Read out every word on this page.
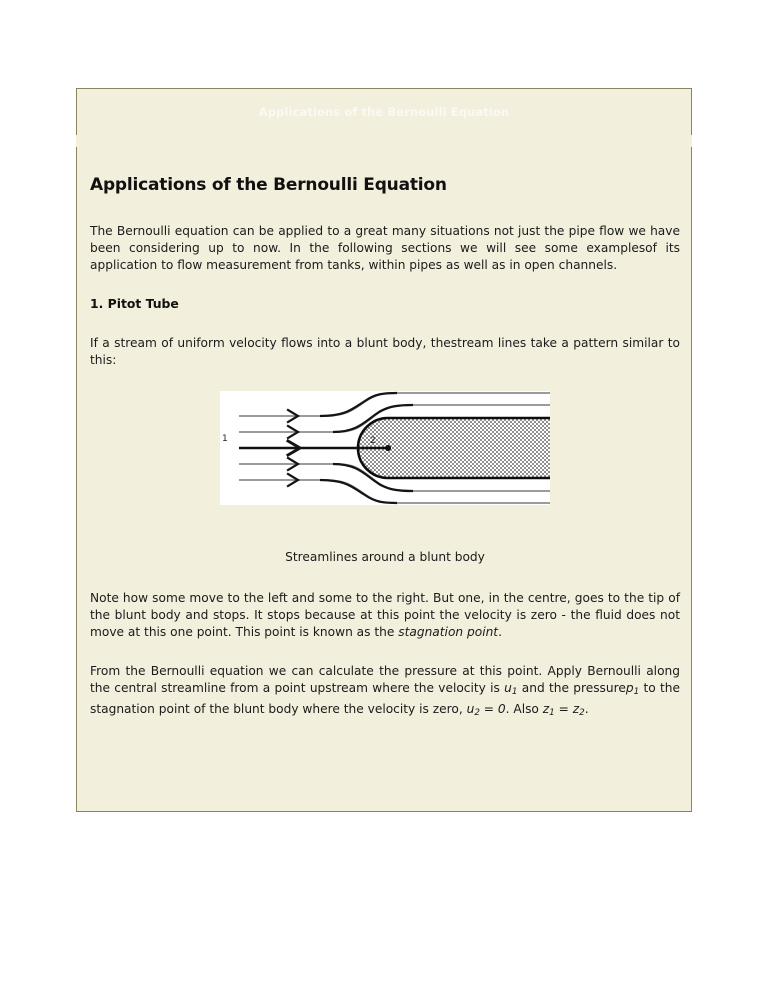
Applications of the Bernoulli Equation
Applications of the Bernoulli Equation

The Bernoulli equation can be applied to a great many situations not just the pipe flow we have been considering up to now. In the following sections we will see some examplesof its application to flow measurement from tanks, within pipes as well as in open channels.

1. Pitot Tube

If a stream of uniform velocity flows into a blunt body, thestream lines take a pattern similar to this:

1	2
Streamlines around a blunt body

Note how some move to the left and some to the right. But one, in the centre, goes to the tip of the blunt body and stops. It stops because at this point the velocity is zero - the fluid does not move at this one point. This point is known as the stagnation point.

From the Bernoulli equation we can calculate the pressure at this point. Apply Bernoulli along the central streamline from a point upstream where the velocity is $u_1$ and the pressurep$_1$ to the stagnation point of the blunt body where the velocity is zero, $u_2 = 0$. Also $z_1 = z_2$.
